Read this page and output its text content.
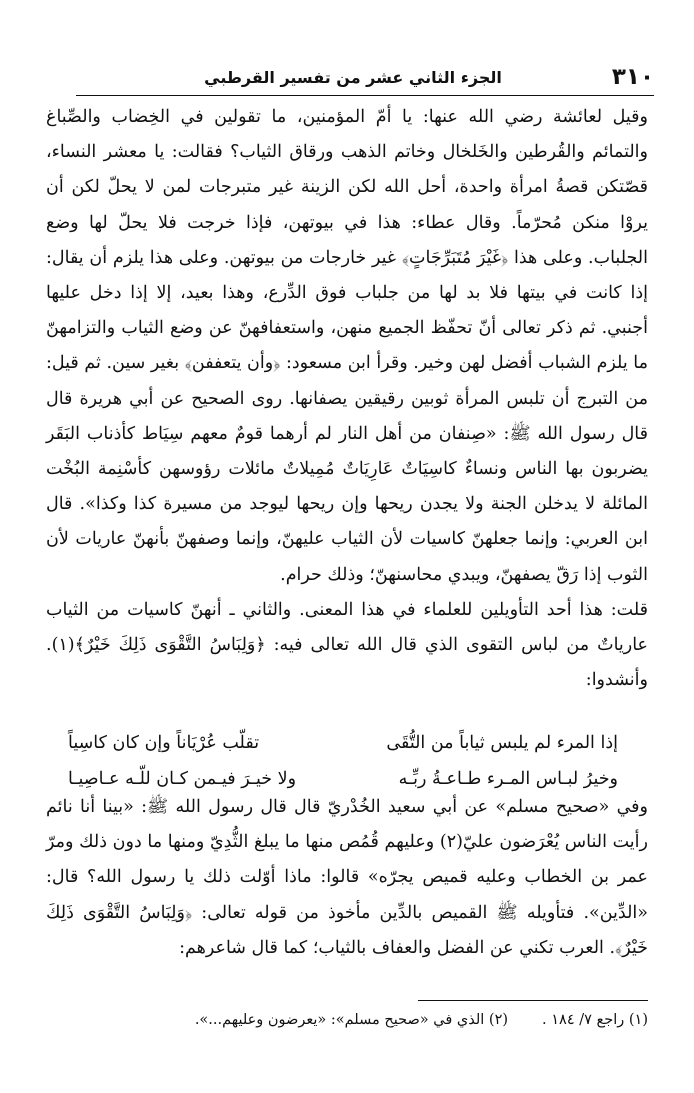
٣١٠
الجزء الثاني عشر من تفسير القرطبي

وقيل لعائشة رضي الله عنها: يا أمّ المؤمنين، ما تقولين في الخِضاب والصِّباغ والتمائم والقُرطين والخَلخال وخاتم الذهب ورقاق الثياب؟ فقالت: يا معشر النساء، قصّتكن قصةُ امرأة واحدة، أحل الله لكن الزينة غير متبرجات لمن لا يحلّ لكن أن يروْا منكن مُحرّماً. وقال عطاء: هذا في بيوتهن، فإذا خرجت فلا يحلّ لها وضع الجلباب. وعلى هذا ﴿غَيْرَ مُتَبَرِّجَاتٍ﴾ غير خارجات من بيوتهن. وعلى هذا يلزم أن يقال: إذا كانت في بيتها فلا بد لها من جلباب فوق الدِّرع، وهذا بعيد، إلا إذا دخل عليها أجنبي. ثم ذكر تعالى أنّ تحفّظ الجميع منهن، واستعفافهنّ عن وضع الثياب والتزامهنّ ما يلزم الشباب أفضل لهن وخير. وقرأ ابن مسعود: ﴿وأن يتعففن﴾ بغير سين. ثم قيل: من التبرج أن تلبس المرأة ثوبين رقيقين يصفانها. روى الصحيح عن أبي هريرة قال قال رسول الله ﷺ: «صِنفان من أهل النار لم أرهما قومٌ معهم سِيَاط كأذناب البَقَر يضربون بها الناس ونساءٌ كاسِيَاتٌ عَارِيَاتٌ مُمِيلاتٌ مائلات رؤوسهن كأسْنِمة البُخْت المائلة لا يدخلن الجنة ولا يجدن ريحها وإن ريحها ليوجد من مسيرة كذا وكذا». قال ابن العربي: وإنما جعلهنّ كاسيات لأن الثياب عليهنّ، وإنما وصفهنّ بأنهنّ عاريات لأن الثوب إذا رَقّ يصفهنّ، ويبدي محاسنهنّ؛ وذلك حرام.

قلت: هذا أحد التأويلين للعلماء في هذا المعنى. والثاني ـ أنهنّ كاسيات من الثياب عارياتٌ من لباس التقوى الذي قال الله تعالى فيه: ﴿وَلِبَاسُ التَّقْوَى ذَلِكَ خَيْرٌ﴾(١). وأنشدوا:

إذا المرء لم يلبس ثياباً من التُّقَى
تقلّب عُرْيَاناً وإن كان كاسِياً
وخيرُ لبـاس المـرء طـاعـةُ ربِّـه
ولا خيـرَ فيـمن كـان للّـه عـاصِيـا

وفي «صحيح مسلم» عن أبي سعيد الخُدْريّ قال قال رسول الله ﷺ: «بينا أنا نائم رأيت الناس يُعْرَضون عليّ(٢) وعليهم قُمُص منها ما يبلغ الثُّدِيّ ومنها ما دون ذلك ومرّ عمر بن الخطاب وعليه قميص يجرّه» قالوا: ماذا أوّلت ذلك يا رسول الله؟ قال: «الدِّين». فتأويله ﷺ القميص بالدِّين مأخوذ من قوله تعالى: ﴿وَلِبَاسُ التَّقْوَى ذَلِكَ خَيْرٌ﴾. العرب تكني عن الفضل والعفاف بالثياب؛ كما قال شاعرهم:

(١) راجع ٧/ ١٨٤ .
(٢) الذي في «صحيح مسلم»: «يعرضون وعليهم...».
